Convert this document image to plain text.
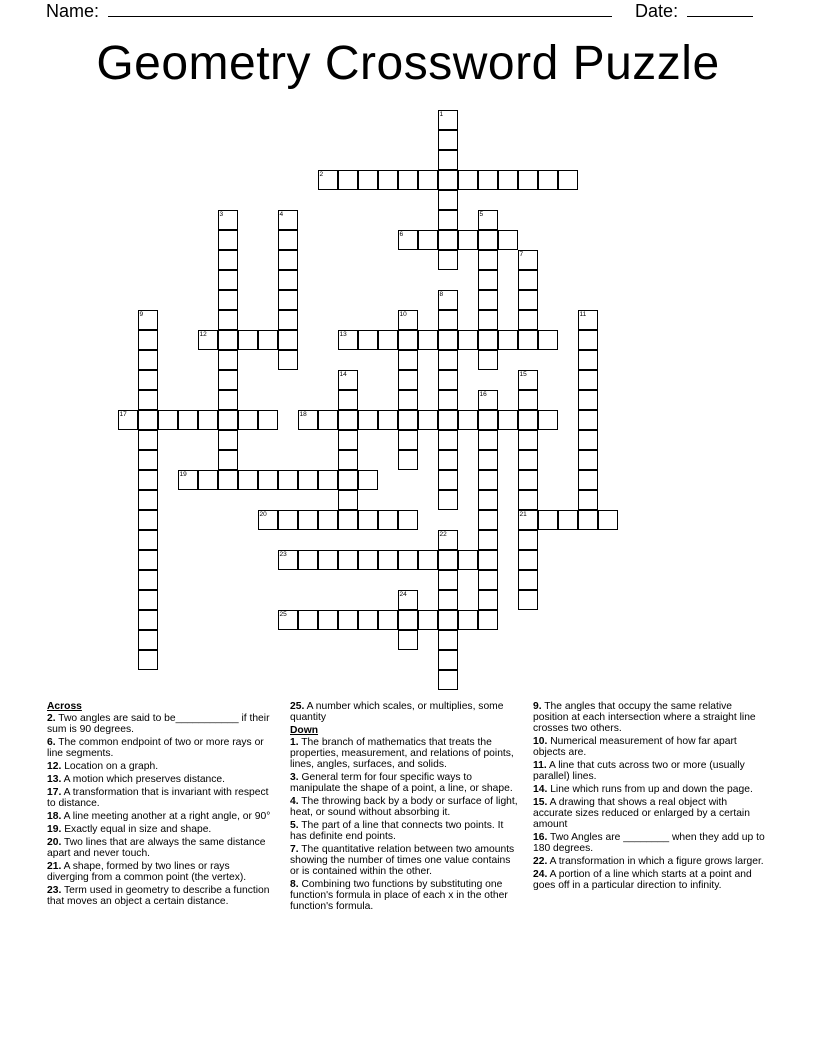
Name:	Date:
Geometry Crossword Puzzle
1
2
3	4	5
6
7
8
9	10	11
12	13
14	15
21
16
17	18
19
20
22
23
24
25
Across
2. Two angles are said to be___________ if their sum is 90 degrees.
6. The common endpoint of two or more rays or line segments.
12. Location on a graph.
13. A motion which preserves distance.
17. A transformation that is invariant with respect to distance.
18. A line meeting another at a right angle, or 90°
19. Exactly equal in size and shape.
20. Two lines that are always the same distance apart and never touch.
21. A shape, formed by two lines or rays diverging from a common point (the vertex).
23. Term used in geometry to describe a function that moves an object a certain distance.
25. A number which scales, or multiplies, some quantity
Down
1. The branch of mathematics that treats the properties, measurement, and relations of points, lines, angles, surfaces, and solids.
3. General term for four specific ways to manipulate the shape of a point, a line, or shape.
4. The throwing back by a body or surface of light, heat, or sound without absorbing it.
5. The part of a line that connects two points. It has definite end points.
7. The quantitative relation between two amounts showing the number of times one value contains or is contained within the other.
8. Combining two functions by substituting one function's formula in place of each x in the other function's formula.
9. The angles that occupy the same relative position at each intersection where a straight line crosses two others.
10. Numerical measurement of how far apart objects are.
11. A line that cuts across two or more (usually parallel) lines.
14. Line which runs from up and down the page.
15. A drawing that shows a real object with accurate sizes reduced or enlarged by a certain amount
16. Two Angles are ________ when they add up to 180 degrees.
22. A transformation in which a figure grows larger.
24. A portion of a line which starts at a point and goes off in a particular direction to infinity.
